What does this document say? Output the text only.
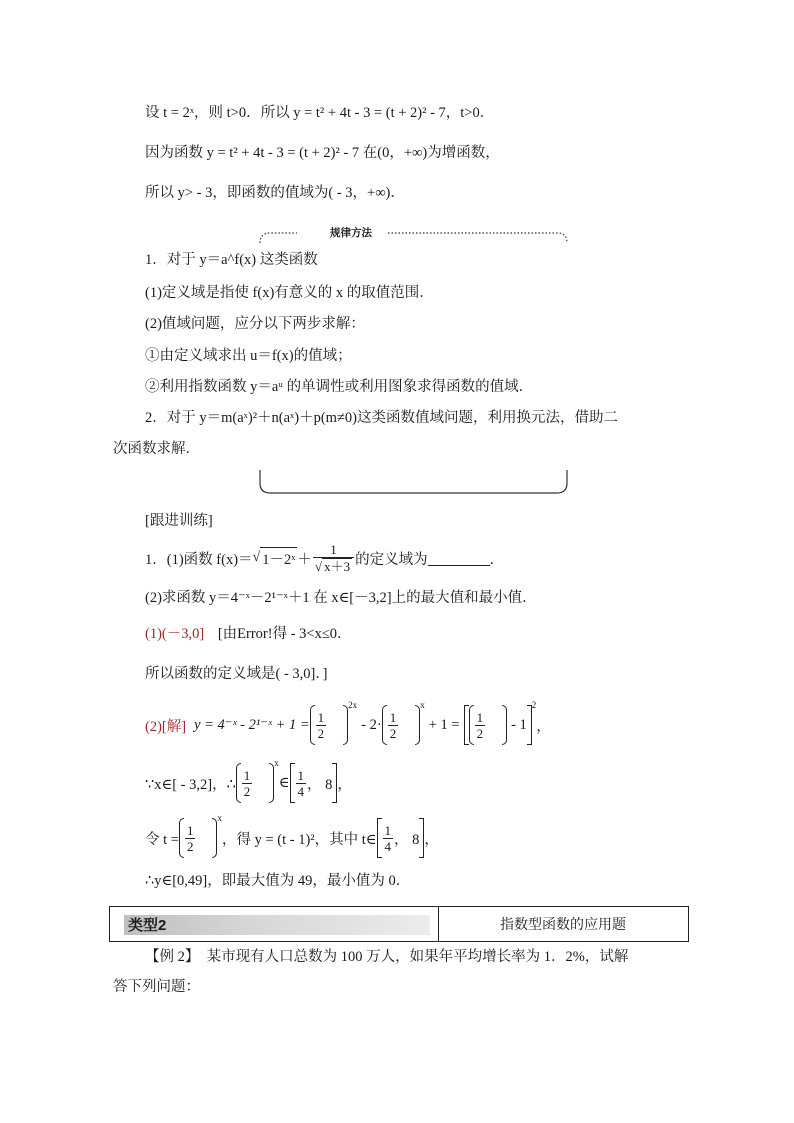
设 t = 2ˣ，则 t>0．所以 y = t² + 4t - 3 = (t + 2)² - 7，t>0．
因为函数 y = t² + 4t - 3 = (t + 2)² - 7 在(0，+∞)为增函数，
所以 y> - 3，即函数的值域为( - 3，+∞)．
规律方法
1．对于 y＝a^f(x) 这类函数
(1)定义域是指使 f(x)有意义的 x 的取值范围．
(2)值域问题，应分以下两步求解：
①由定义域求出 u＝f(x)的值域；
②利用指数函数 y＝aᵘ 的单调性或利用图象求得函数的值域．
2．对于 y＝m(aˣ)²＋n(aˣ)＋p(m≠0)这类函数值域问题，利用换元法，借助二
次函数求解．
[跟进训练]
1．(1)函数 f(x)＝ √ 1－2ˣ ＋ $\frac{1}{√ x+3}$ 的定义域为	．
(2)求函数 y＝4⁻ˣ－2¹⁻ˣ＋1 在 x∈[－3,2]上的最大值和最小值．
(1)(－3,0] [由Error!得 - 3<x≤0．
所以函数的定义域是( - 3,0]．]
(2)[解] y = 4⁻ˣ - 2¹⁻ˣ + $1 = \frac{1}{2}$
2x
- $2\cdot \frac{1}{2}$
x
+ $1 = \frac{1}{2} - 1$
2
，
∵x∈[ - 3,2]，∴ $\frac{1}{2}$
x
∈ $\frac{1}{4}$ ， 8 ，
令 $t = \frac{1}{2}$
x
，得 y = (t - 1)²，其中 t∈ $\frac{1}{4}$ ， 8 ，
∴y∈[0,49]，即最大值为 49，最小值为 0．
类型2	指数型函数的应用题
【例 2】　某市现有人口总数为 100 万人，如果年平均增长率为 1．2%，试解
答下列问题：
